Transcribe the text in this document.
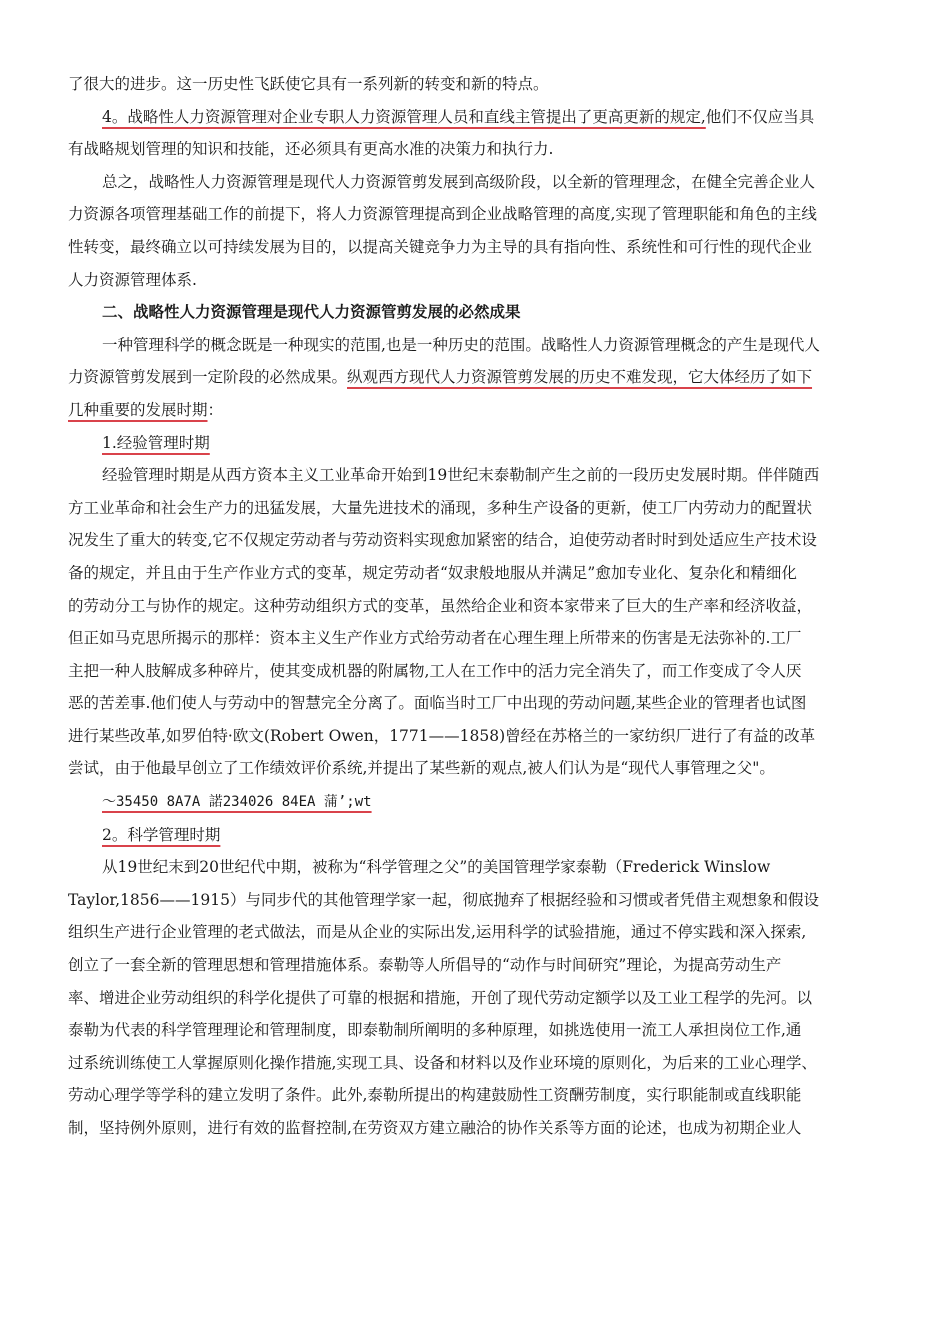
了很大的进步。这一历史性飞跃使它具有一系列新的转变和新的特点。
4。战略性人力资源管理对企业专职人力资源管理人员和直线主管提出了更高更新的规定,他们不仅应当具
有战略规划管理的知识和技能，还必须具有更高水准的决策力和执行力.
总之，战略性人力资源管理是现代人力资源管剪发展到高级阶段，以全新的管理理念，在健全完善企业人
力资源各项管理基础工作的前提下，将人力资源管理提高到企业战略管理的高度,实现了管理职能和角色的主线
性转变，最终确立以可持续发展为目的，以提高关键竞争力为主导的具有指向性、系统性和可行性的现代企业
人力资源管理体系.
二、战略性人力资源管理是现代人力资源管剪发展的必然成果
一种管理科学的概念既是一种现实的范围,也是一种历史的范围。战略性人力资源管理概念的产生是现代人
力资源管剪发展到一定阶段的必然成果。纵观西方现代人力资源管剪发展的历史不难发现，它大体经历了如下
几种重要的发展时期：
1.经验管理时期
经验管理时期是从西方资本主义工业革命开始到19世纪末泰勒制产生之前的一段历史发展时期。伴伴随西
方工业革命和社会生产力的迅猛发展，大量先进技术的涌现，多种生产设备的更新，使工厂内劳动力的配置状
况发生了重大的转变,它不仅规定劳动者与劳动资料实现愈加紧密的结合，迫使劳动者时时到处适应生产技术设
备的规定，并且由于生产作业方式的变革，规定劳动者“奴隶般地服从并满足”愈加专业化、复杂化和精细化
的劳动分工与协作的规定。这种劳动组织方式的变革，虽然给企业和资本家带来了巨大的生产率和经济收益，
但正如马克思所揭示的那样：资本主义生产作业方式给劳动者在心理生理上所带来的伤害是无法弥补的.工厂
主把一种人肢解成多种碎片，使其变成机器的附属物,工人在工作中的活力完全消失了，而工作变成了令人厌
恶的苦差事.他们使人与劳动中的智慧完全分离了。面临当时工厂中出现的劳动问题,某些企业的管理者也试图
进行某些改革,如罗伯特·欧文(Robert Owen，1771——1858)曾经在苏格兰的一家纺织厂进行了有益的改革
尝试，由于他最早创立了工作绩效评价系统,并提出了某些新的观点,被人们认为是“现代人事管理之父"。
～35450 8A7A 諾234026 84EA 蒲’;wt
2。科学管理时期
从19世纪末到20世纪代中期，被称为“科学管理之父”的美国管理学家泰勒（Frederick Winslow
Taylor,1856——1915）与同步代的其他管理学家一起，彻底抛弃了根据经验和习惯或者凭借主观想象和假设
组织生产进行企业管理的老式做法，而是从企业的实际出发,运用科学的试验措施，通过不停实践和深入探索,
创立了一套全新的管理思想和管理措施体系。泰勒等人所倡导的“动作与时间研究”理论，为提高劳动生产
率、增进企业劳动组织的科学化提供了可靠的根据和措施，开创了现代劳动定额学以及工业工程学的先河。以
泰勒为代表的科学管理理论和管理制度，即泰勒制所阐明的多种原理，如挑选使用一流工人承担岗位工作,通
过系统训练使工人掌握原则化操作措施,实现工具、设备和材料以及作业环境的原则化，为后来的工业心理学、
劳动心理学等学科的建立发明了条件。此外,泰勒所提出的构建鼓励性工资酬劳制度，实行职能制或直线职能
制，坚持例外原则，进行有效的监督控制,在劳资双方建立融洽的协作关系等方面的论述，也成为初期企业人
